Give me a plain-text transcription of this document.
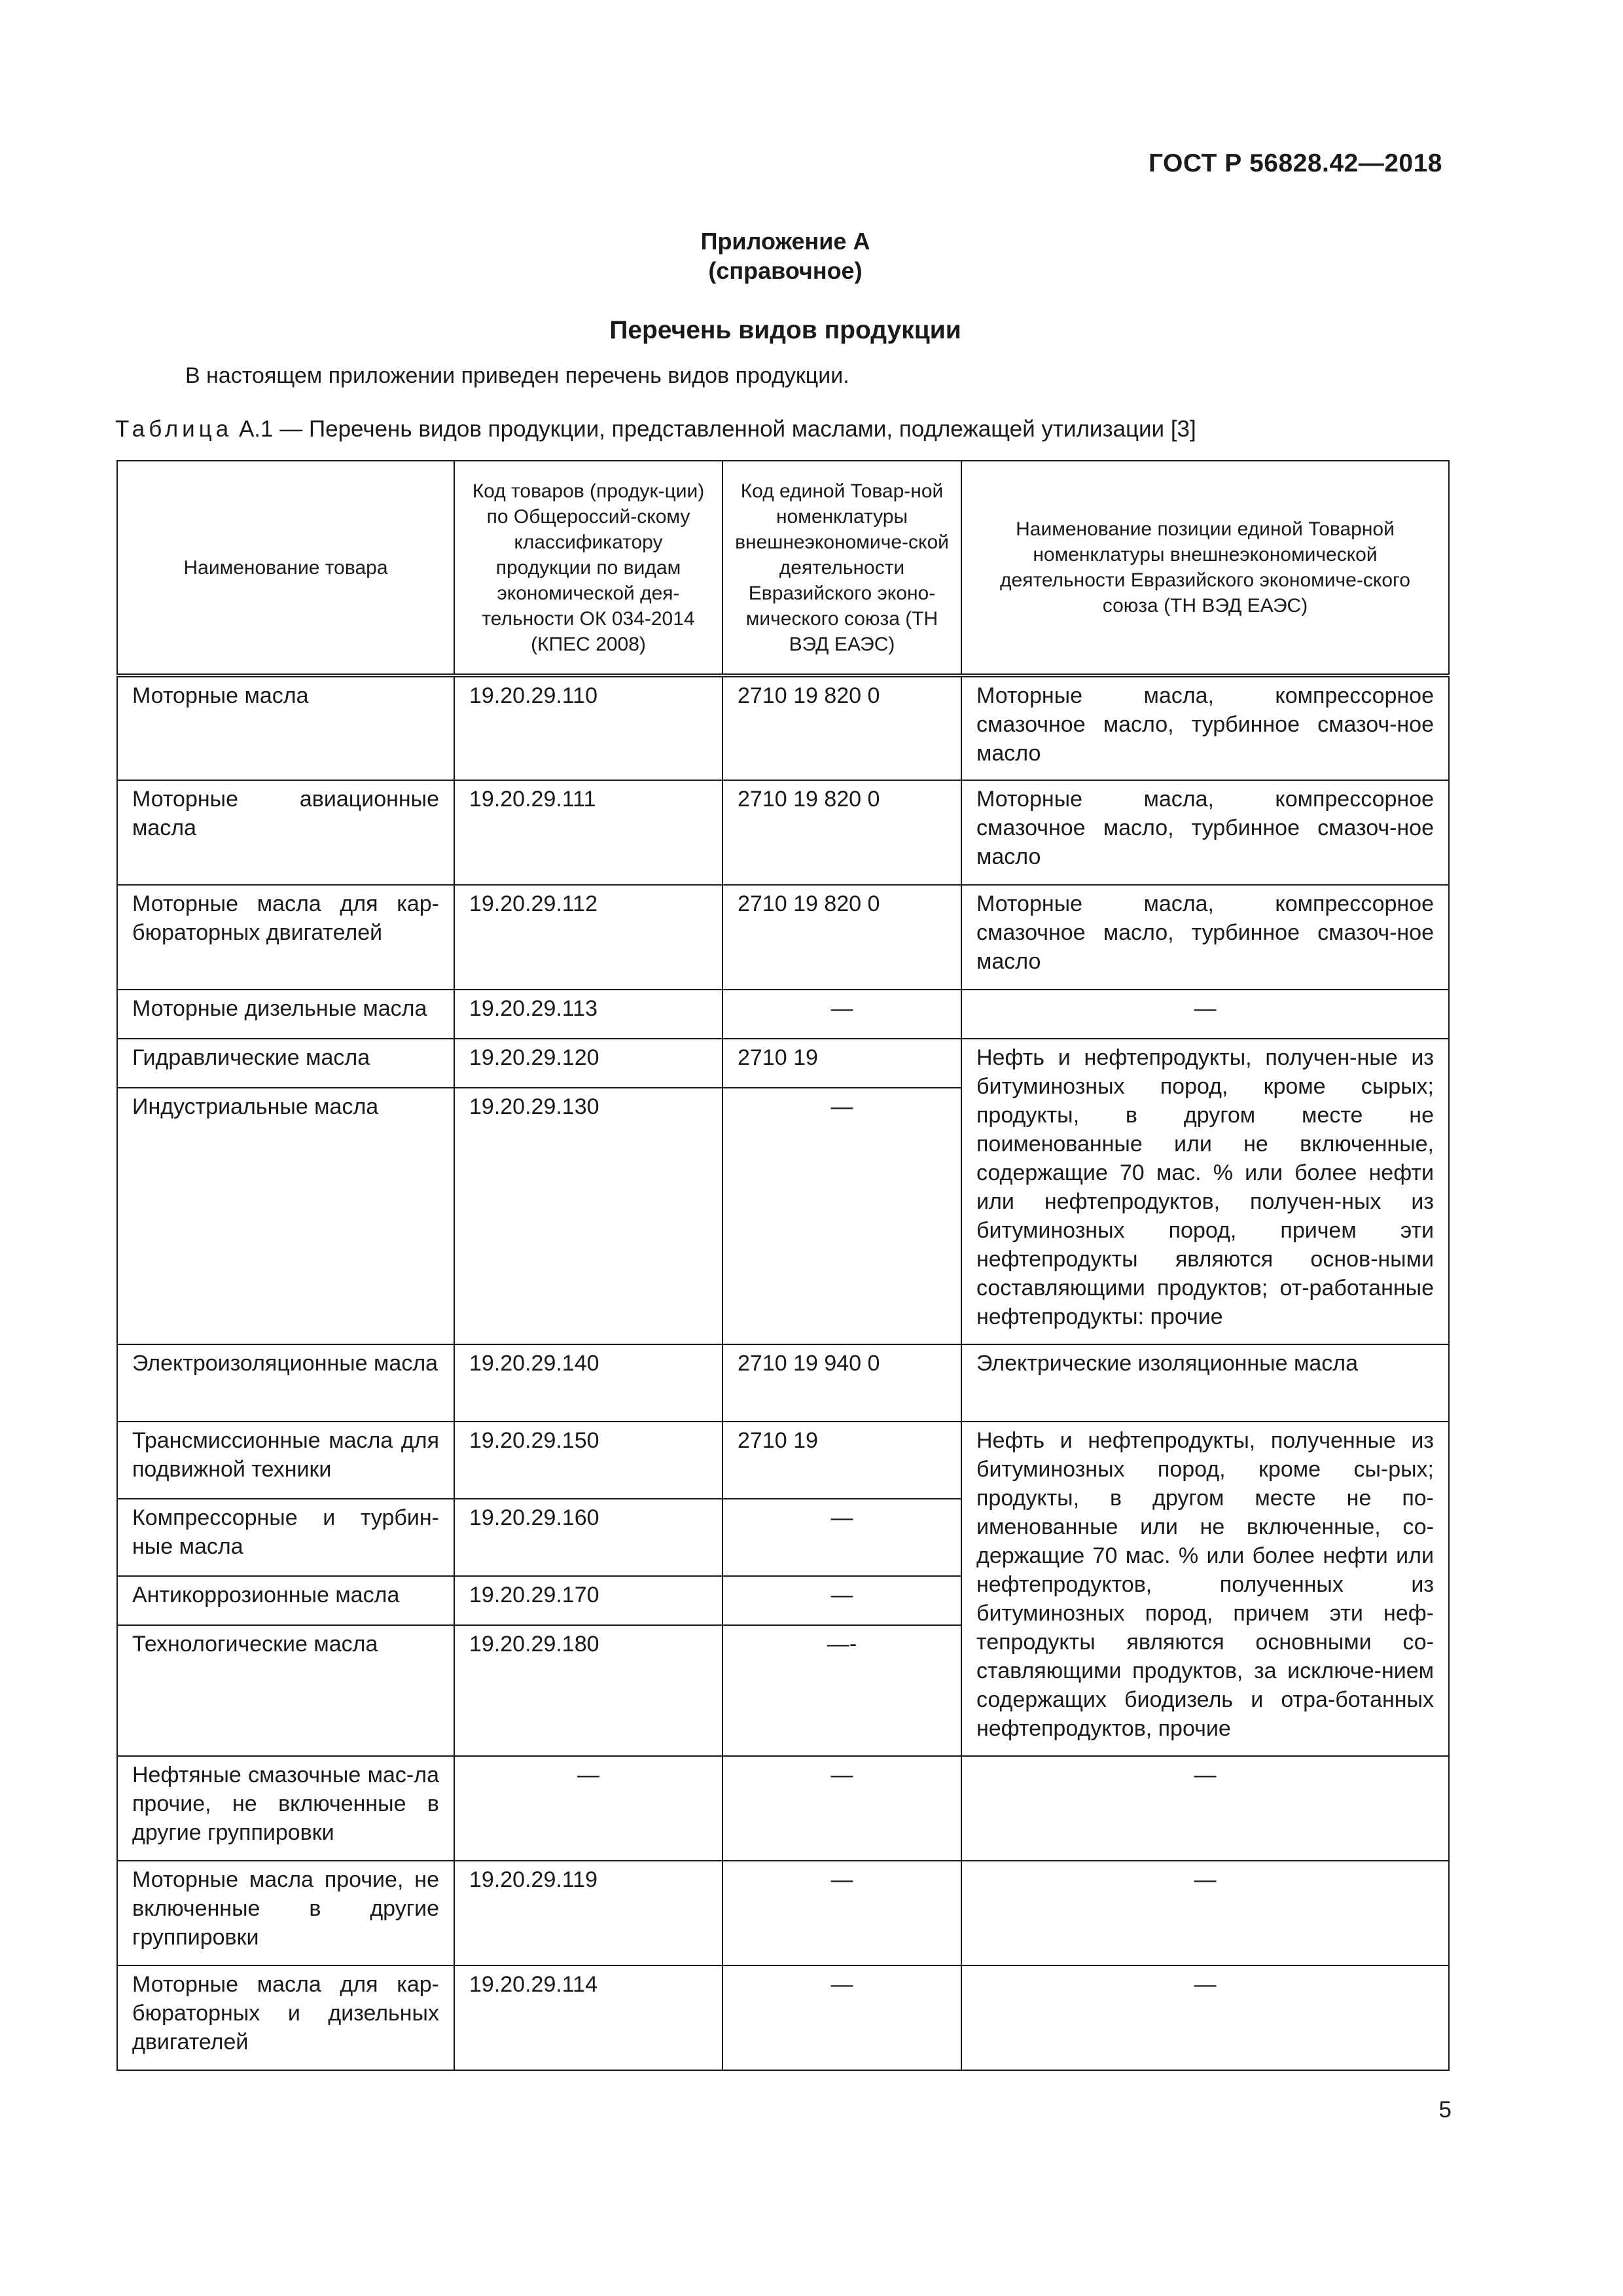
ГОСТ Р 56828.42—2018
Приложение А
(справочное)
Перечень видов продукции
В настоящем приложении приведен перечень видов продукции.
Таблица А.1 — Перечень видов продукции, представленной маслами, подлежащей утилизации [3]
Наименование товара	Код товаров (продук-ции) по Общероссий-скому классификатору продукции по видам экономической дея-тельности ОК 034-2014 (КПЕС 2008)	Код единой Товар-ной номенклатуры внешнеэкономиче-ской деятельности Евразийского эконо-мического союза (ТН ВЭД ЕАЭС)	Наименование позиции единой Товарной номенклатуры внешнеэкономической деятельности Евразийского экономиче-ского союза (ТН ВЭД ЕАЭС)
Моторные масла	19.20.29.110	2710 19 820 0	Моторные масла, компрессорное смазочное масло, турбинное смазоч-ное масло
Моторные авиационные масла	19.20.29.111	2710 19 820 0	Моторные масла, компрессорное смазочное масло, турбинное смазоч-ное масло
Моторные масла для кар-бюраторных двигателей	19.20.29.112	2710 19 820 0	Моторные масла, компрессорное смазочное масло, турбинное смазоч-ное масло
Моторные дизельные масла	19.20.29.113	—	—
Гидравлические масла	19.20.29.120	2710 19	Нефть и нефтепродукты, получен-ные из битуминозных пород, кроме сырых; продукты, в другом месте не поименованные или не включенные, содержащие 70 мас. % или более нефти или нефтепродуктов, получен-ных из битуминозных пород, причем эти нефтепродукты являются основ-ными составляющими продуктов; от-работанные нефтепродукты: прочие
Индустриальные масла	19.20.29.130	—	
Электроизоляционные масла	19.20.29.140	2710 19 940 0	Электрические изоляционные масла
Трансмиссионные масла для подвижной техники	19.20.29.150	2710 19	Нефть и нефтепродукты, полученные из битуминозных пород, кроме сы-рых; продукты, в другом месте не по-именованные или не включенные, со-держащие 70 мас. % или более нефти или нефтепродуктов, полученных из битуминозных пород, причем эти неф-тепродукты являются основными со-ставляющими продуктов, за исключе-нием содержащих биодизель и отра-ботанных нефтепродуктов, прочие
Компрессорные и турбин-ные масла	19.20.29.160	—	
Антикоррозионные масла	19.20.29.170	—	
Технологические масла	19.20.29.180	—-	
Нефтяные смазочные мас-ла прочие, не включенные в другие группировки	—	—	—
Моторные масла прочие, не включенные в другие группировки	19.20.29.119	—	—
Моторные масла для кар-бюраторных и дизельных двигателей	19.20.29.114	—	—
5
